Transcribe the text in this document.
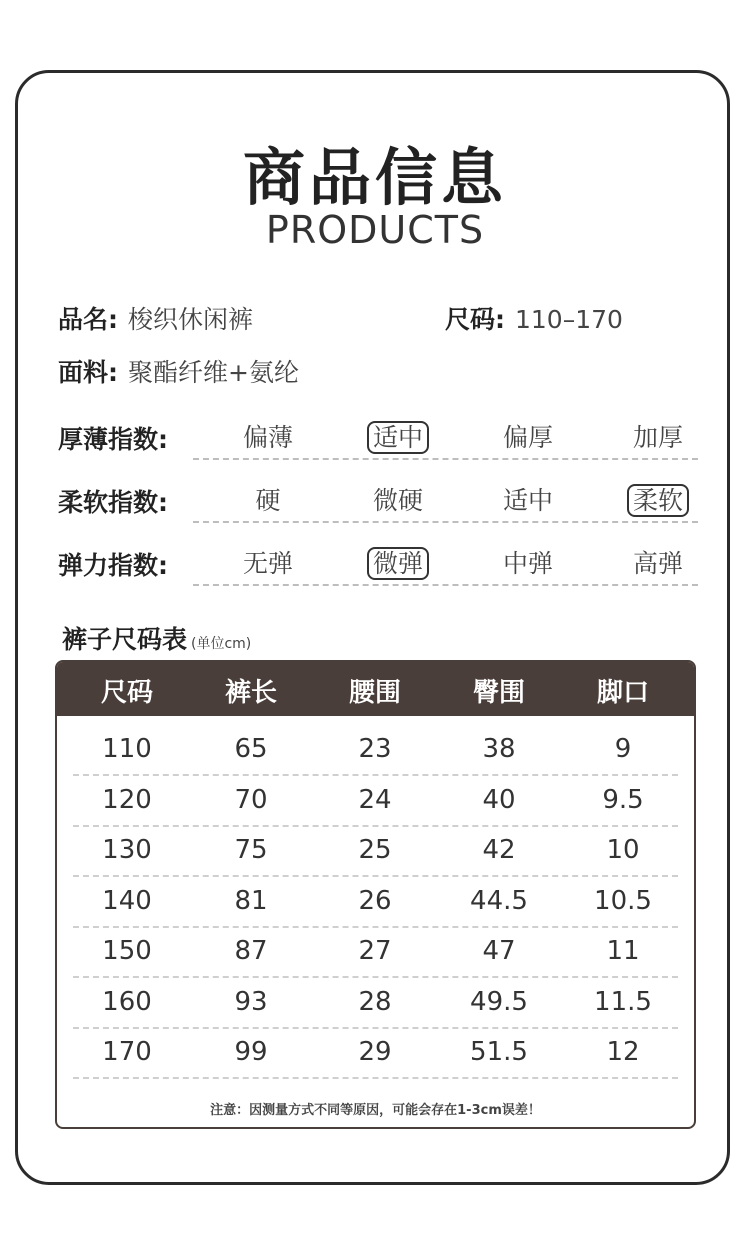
商品信息
PRODUCTS
品名: 梭织休闲裤	尺码: 110–170
面料: 聚酯纤维+氨纶
厚薄指数:	偏薄	适中	偏厚	加厚
柔软指数:	硬	微硬	适中	柔软
弹力指数:	无弹	微弹	中弹	高弹
裤子尺码表 (单位cm)
尺码	裤长	腰围	臀围	脚口
110	65	23	38	9
120	70	24	40	9.5
130	75	25	42	10
140	81	26	44.5	10.5
150	87	27	47	11
160	93	28	49.5	11.5
170	99	29	51.5	12
注意：因测量方式不同等原因，可能会存在1-3cm误差！
